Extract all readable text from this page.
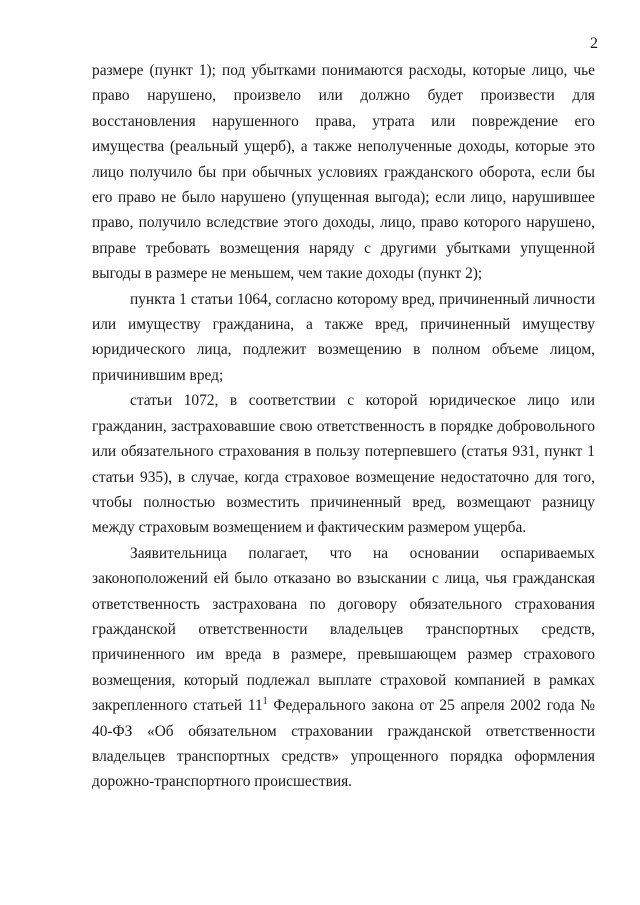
2

размере (пункт 1); под убытками понимаются расходы, которые лицо, чье право нарушено, произвело или должно будет произвести для восстановления нарушенного права, утрата или повреждение его имущества (реальный ущерб), а также неполученные доходы, которые это лицо получило бы при обычных условиях гражданского оборота, если бы его право не было нарушено (упущенная выгода); если лицо, нарушившее право, получило вследствие этого доходы, лицо, право которого нарушено, вправе требовать возмещения наряду с другими убытками упущенной выгоды в размере не меньшем, чем такие доходы (пункт 2);

пункта 1 статьи 1064, согласно которому вред, причиненный личности или имуществу гражданина, а также вред, причиненный имуществу юридического лица, подлежит возмещению в полном объеме лицом, причинившим вред;

статьи 1072, в соответствии с которой юридическое лицо или гражданин, застраховавшие свою ответственность в порядке добровольного или обязательного страхования в пользу потерпевшего (статья 931, пункт 1 статьи 935), в случае, когда страховое возмещение недостаточно для того, чтобы полностью возместить причиненный вред, возмещают разницу между страховым возмещением и фактическим размером ущерба.

Заявительница полагает, что на основании оспариваемых законоположений ей было отказано во взыскании с лица, чья гражданская ответственность застрахована по договору обязательного страхования гражданской ответственности владельцев транспортных средств, причиненного им вреда в размере, превышающем размер страхового возмещения, который подлежал выплате страховой компанией в рамках закрепленного статьей $11^1$ Федерального закона от 25 апреля 2002 года № 40-ФЗ «Об обязательном страховании гражданской ответственности владельцев транспортных средств» упрощенного порядка оформления дорожно-транспортного происшествия.
